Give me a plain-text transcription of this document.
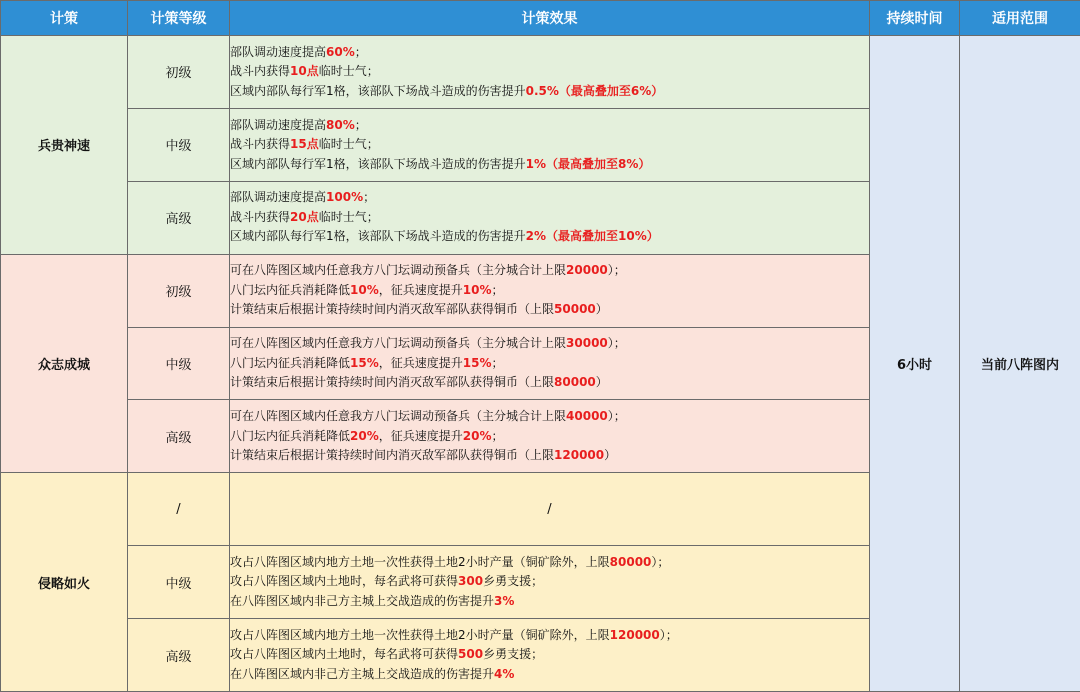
计策	计策等级	计策效果	持续时间	适用范围
兵贵神速	初级	部队调动速度提高60%；
战斗内获得10点临时士气；
区域内部队每行军1格，该部队下场战斗造成的伤害提升0.5%（最高叠加至6%）	6小时	当前八阵图内
	中级	部队调动速度提高80%；
战斗内获得15点临时士气；
区域内部队每行军1格，该部队下场战斗造成的伤害提升1%（最高叠加至8%）		

	高级	部队调动速度提高100%；
战斗内获得20点临时士气；
区域内部队每行军1格，该部队下场战斗造成的伤害提升2%（最高叠加至10%）		

众志成城	初级	可在八阵图区域内任意我方八门坛调动预备兵（主分城合计上限20000）；
八门坛内征兵消耗降低10%，征兵速度提升10%；
计策结束后根据计策持续时间内消灭敌军部队获得铜币（上限50000）		

	中级	可在八阵图区域内任意我方八门坛调动预备兵（主分城合计上限30000）；
八门坛内征兵消耗降低15%，征兵速度提升15%；
计策结束后根据计策持续时间内消灭敌军部队获得铜币（上限80000）		

	高级	可在八阵图区域内任意我方八门坛调动预备兵（主分城合计上限40000）；
八门坛内征兵消耗降低20%，征兵速度提升20%；
计策结束后根据计策持续时间内消灭敌军部队获得铜币（上限120000）		

侵略如火	/	/		

	中级	攻占八阵图区域内地方土地一次性获得土地2小时产量（铜矿除外，上限80000）；
攻占八阵图区域内土地时，每名武将可获得300乡勇支援；
在八阵图区域内非己方主城上交战造成的伤害提升3%		

	高级	攻占八阵图区域内地方土地一次性获得土地2小时产量（铜矿除外，上限120000）；
攻占八阵图区域内土地时，每名武将可获得500乡勇支援；
在八阵图区域内非己方主城上交战造成的伤害提升4%		
